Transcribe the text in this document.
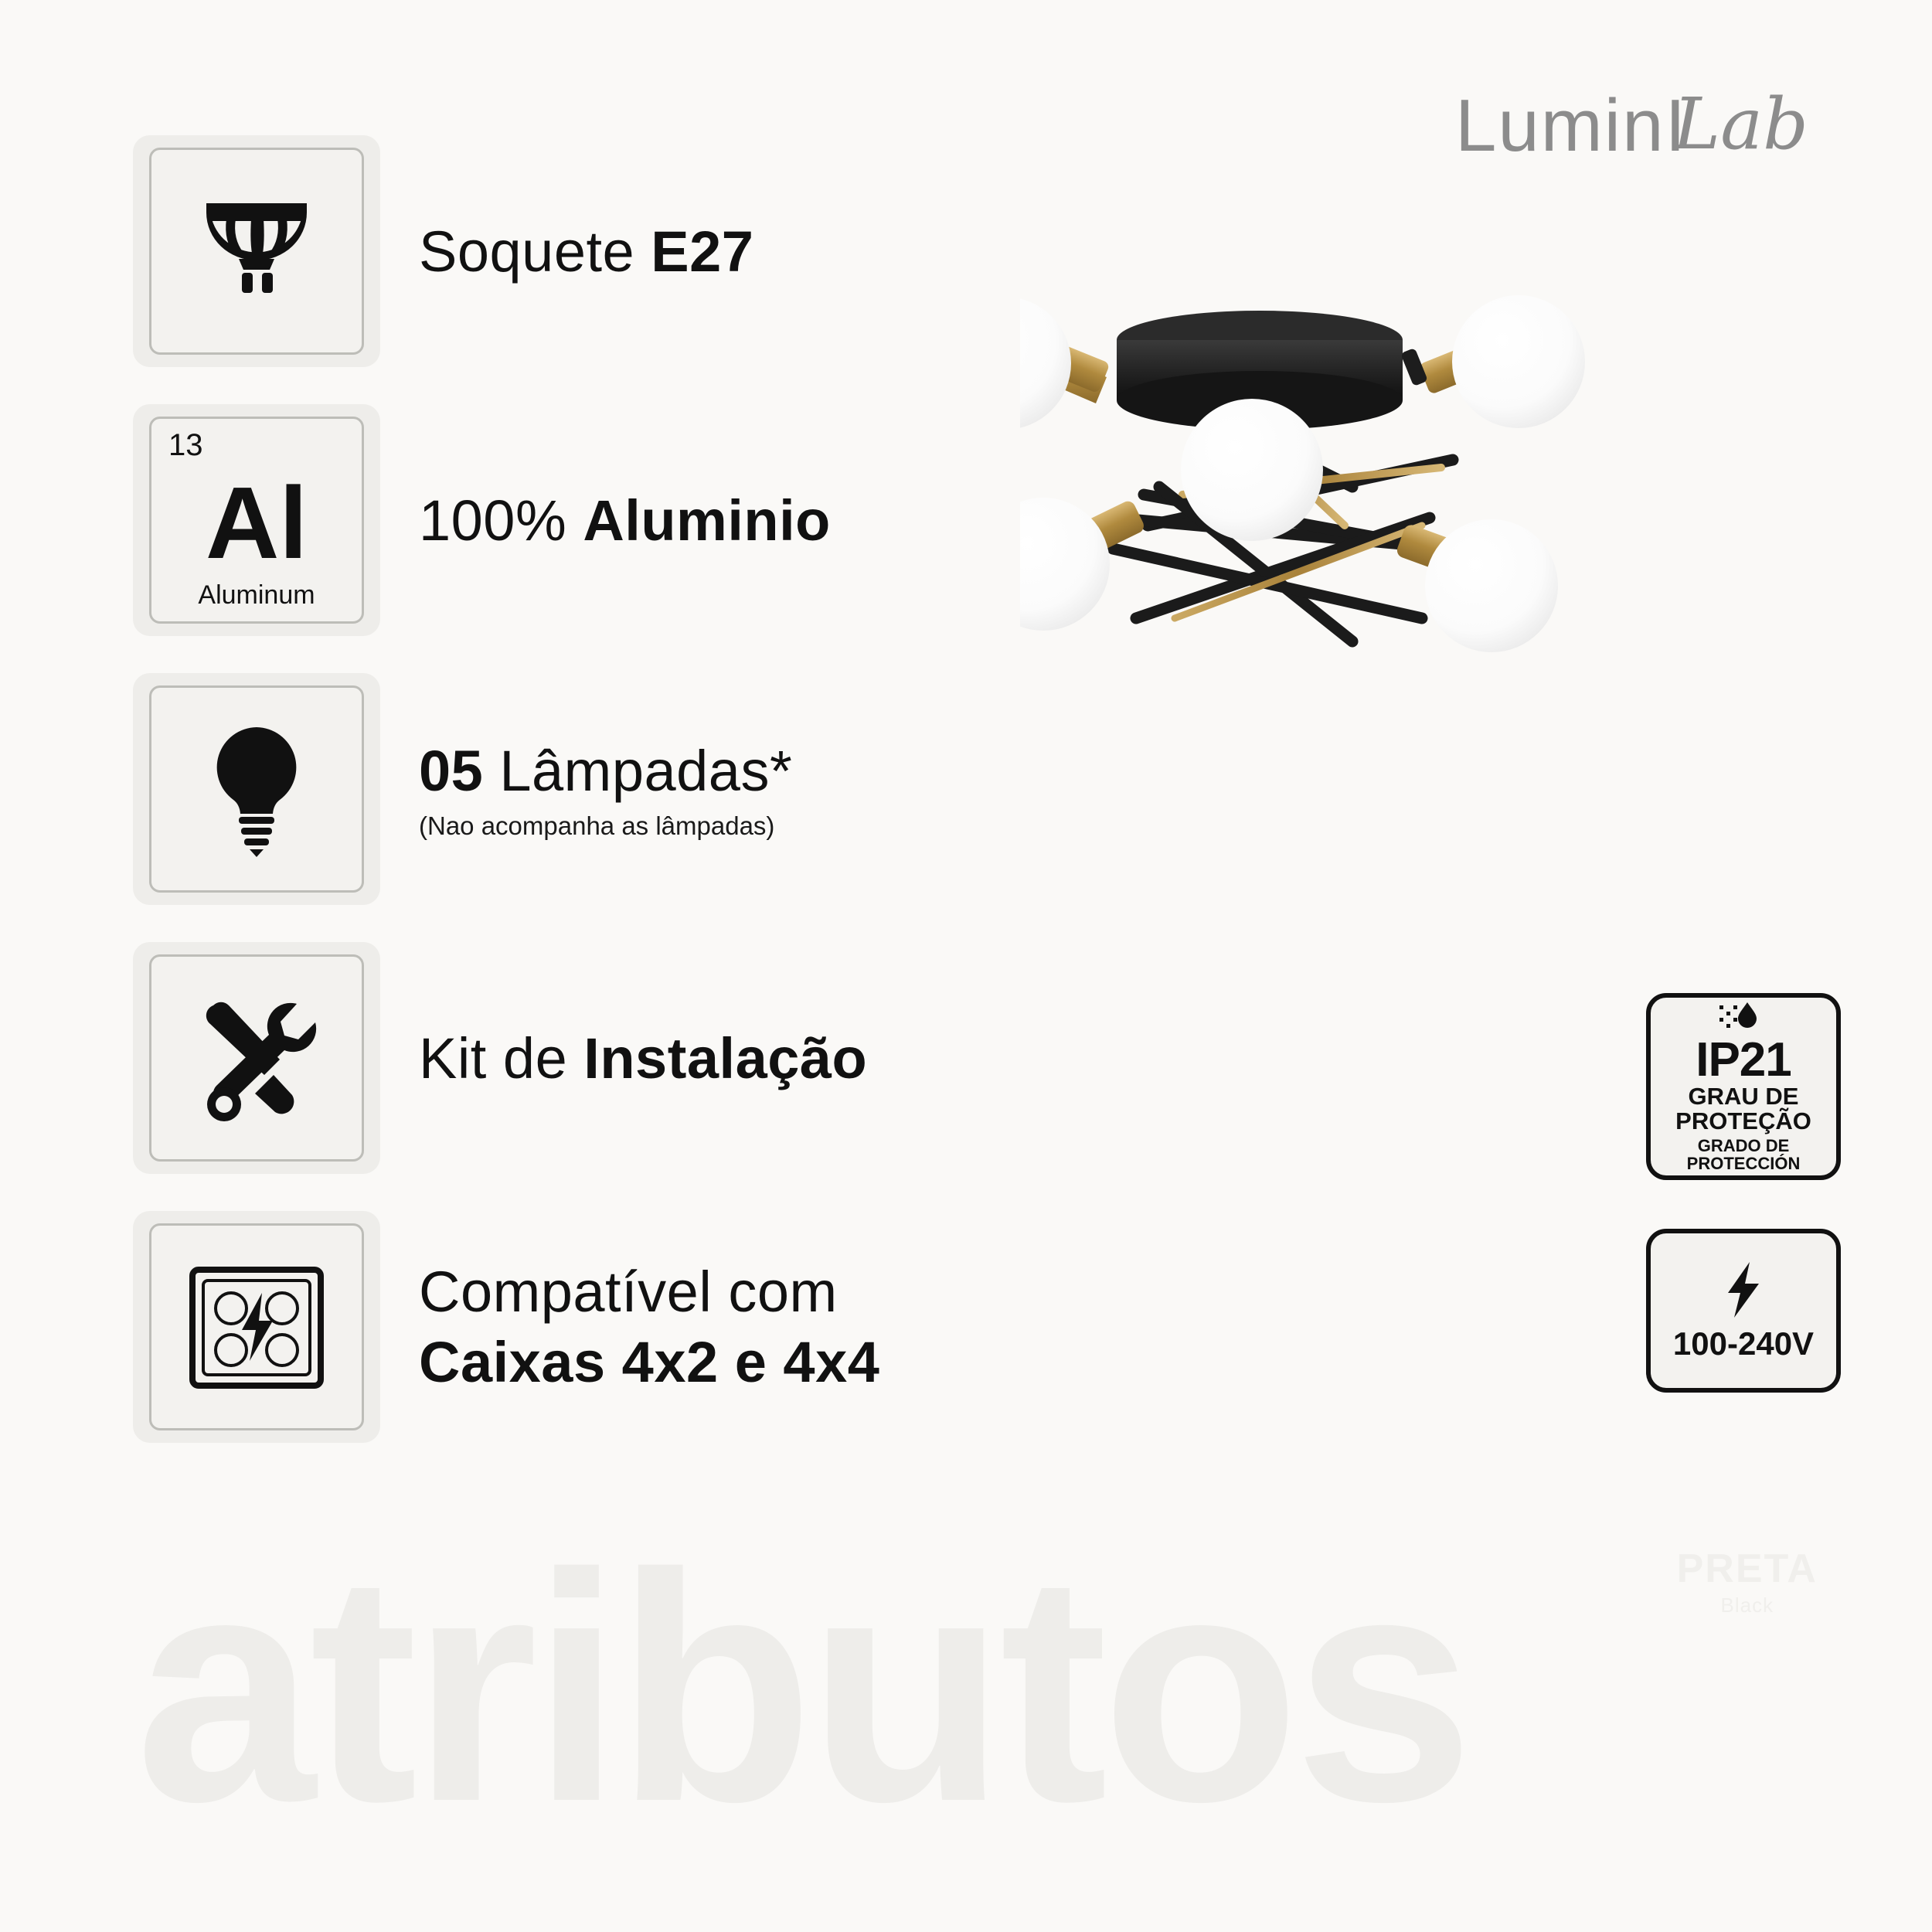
atributos
LuminI
Lab
Soquete E27
13
Al
Aluminum
100% Aluminio
05 Lâmpadas*
(Nao acompanha as lâmpadas)
Kit de Instalação
Compatível com
Caixas 4x2 e 4x4
IP21
GRAU DE
PROTEÇÃO
GRADO DE
PROTECCIÓN
100-240V
PRETA
Black
